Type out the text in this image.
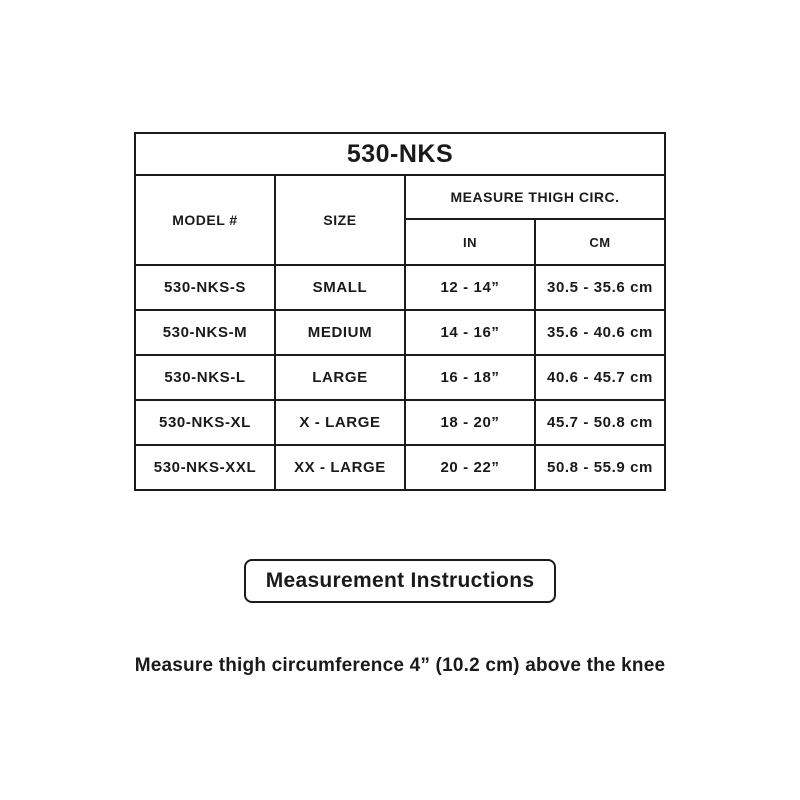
530-NKS			
MODEL #	SIZE	MEASURE THIGH CIRC.	
		IN	CM
530-NKS-S	SMALL	12 - 14”	30.5 - 35.6 cm
530-NKS-M	MEDIUM	14 - 16”	35.6 - 40.6 cm
530-NKS-L	LARGE	16 - 18”	40.6 - 45.7 cm
530-NKS-XL	X - LARGE	18 - 20”	45.7 - 50.8 cm
530-NKS-XXL	XX - LARGE	20 - 22”	50.8 - 55.9 cm
Measurement Instructions
Measure thigh circumference 4” (10.2 cm) above the knee
